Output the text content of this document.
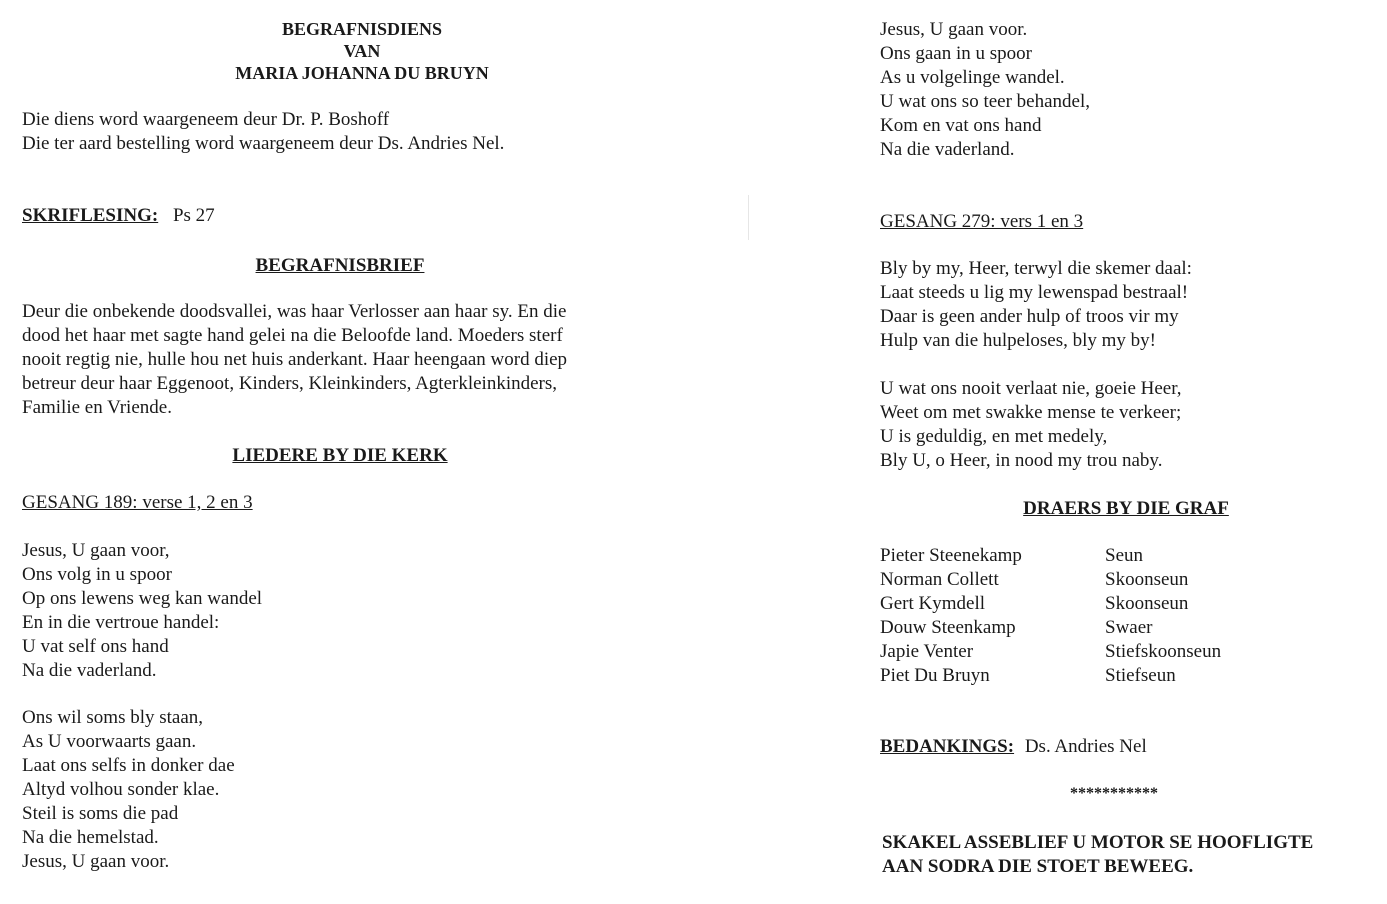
BEGRAFNISDIENS
VAN
MARIA JOHANNA DU BRUYN
Die diens word waargeneem deur Dr. P. Boshoff
Die ter aard bestelling word waargeneem deur Ds. Andries Nel.
SKRIFLESING: Ps 27
BEGRAFNISBRIEF
Deur die onbekende doodsvallei, was haar Verlosser aan haar sy. En die
dood het haar met sagte hand gelei na die Beloofde land. Moeders sterf
nooit regtig nie, hulle hou net huis anderkant. Haar heengaan word diep
betreur deur haar Eggenoot, Kinders, Kleinkinders, Agterkleinkinders,
Familie en Vriende.
LIEDERE BY DIE KERK
GESANG 189: verse 1, 2 en 3
Jesus, U gaan voor,
Ons volg in u spoor
Op ons lewens weg kan wandel
En in die vertroue handel:
U vat self ons hand
Na die vaderland.
Ons wil soms bly staan,
As U voorwaarts gaan.
Laat ons selfs in donker dae
Altyd volhou sonder klae.
Steil is soms die pad
Na die hemelstad.
Jesus, U gaan voor.
Jesus, U gaan voor.
Ons gaan in u spoor
As u volgelinge wandel.
U wat ons so teer behandel,
Kom en vat ons hand
Na die vaderland.
GESANG 279: vers 1 en 3
Bly by my, Heer, terwyl die skemer daal:
Laat steeds u lig my lewenspad bestraal!
Daar is geen ander hulp of troos vir my
Hulp van die hulpeloses, bly my by!
U wat ons nooit verlaat nie, goeie Heer,
Weet om met swakke mense te verkeer;
U is geduldig, en met medely,
Bly U, o Heer, in nood my trou naby.
DRAERS BY DIE GRAF
Pieter Steenekamp	Seun
Norman Collett	Skoonseun
Gert Kymdell	Skoonseun
Douw Steenkamp	Swaer
Japie Venter	Stiefskoonseun
Piet Du Bruyn	Stiefseun
BEDANKINGS: Ds. Andries Nel
***********
SKAKEL ASSEBLIEF U MOTOR SE HOOFLIGTE
AAN SODRA DIE STOET BEWEEG.
